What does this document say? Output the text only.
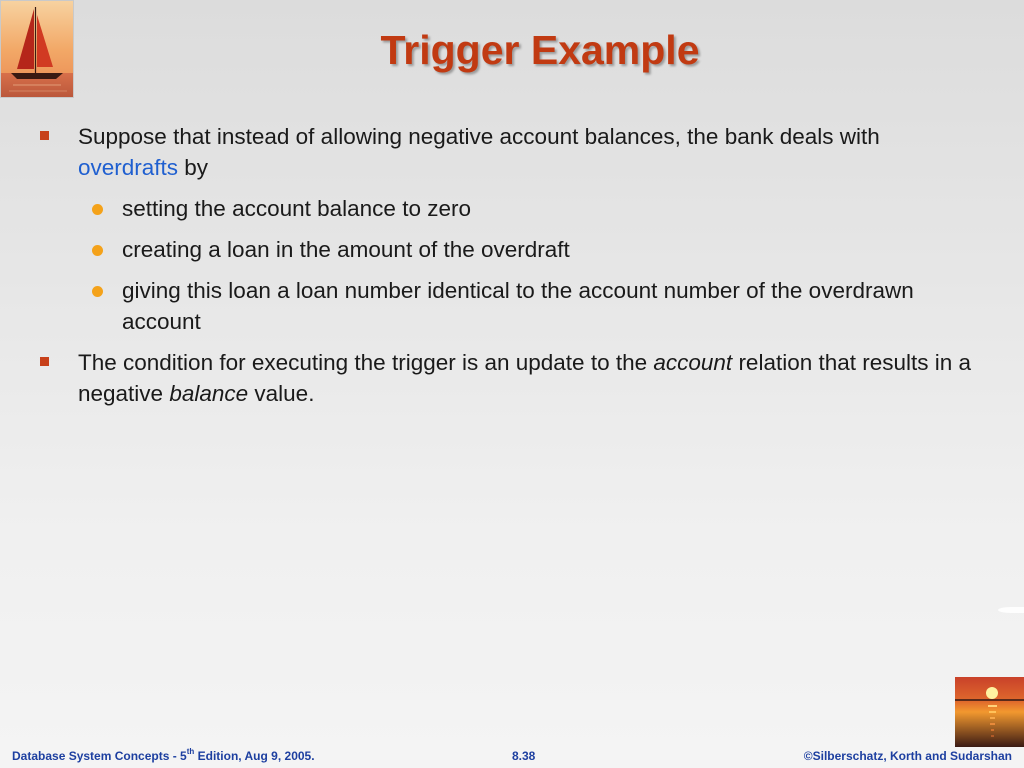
Trigger Example
Suppose that instead of allowing negative account balances, the bank deals with overdrafts by
setting the account balance to zero
creating a loan in the amount of the overdraft
giving this loan a loan number identical to the account number of the overdrawn account
The condition for executing the trigger is an update to the account relation that results in a negative balance value.
Database System Concepts - 5th Edition, Aug 9, 2005.	8.38	©Silberschatz, Korth and Sudarshan
